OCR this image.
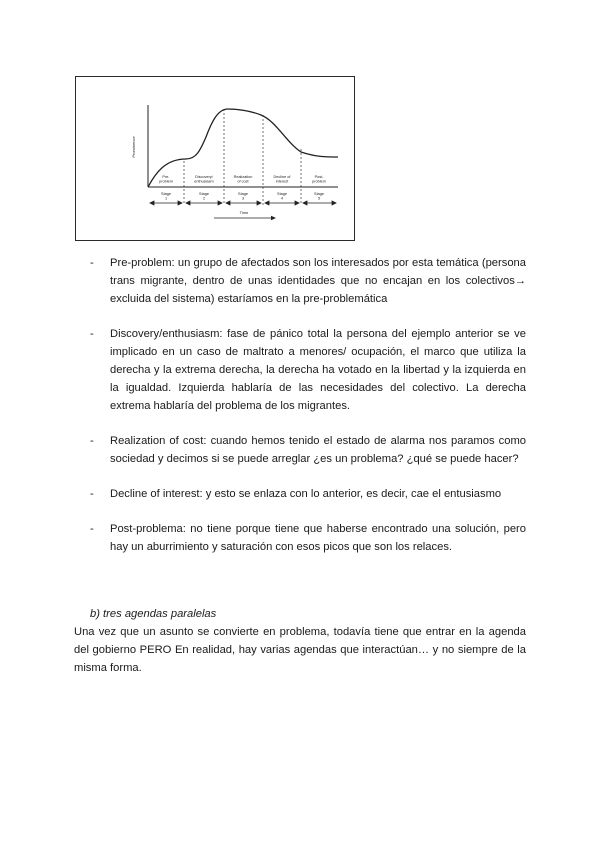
Prominence
Pre-problem
Discovery/ enthusiasm
Realization of cost
Decline of interest
Post-problem
Stage 1
Stage 2
Stage 3
Stage 4
Stage 5
Time
- Pre-problem: un grupo de afectados son los interesados por esta temática (persona trans migrante, dentro de unas identidades que no encajan en los colectivos→ excluida del sistema) estaríamos en la pre-problemática
- Discovery/enthusiasm: fase de pánico total la persona del ejemplo anterior se ve implicado en un caso de maltrato a menores/ ocupación, el marco que utiliza la derecha y la extrema derecha, la derecha ha votado en la libertad y la izquierda en la igualdad. Izquierda hablaría de las necesidades del colectivo. La derecha extrema hablaría del problema de los migrantes.
- Realization of cost: cuando hemos tenido el estado de alarma nos paramos como sociedad y decimos si se puede arreglar ¿es un problema? ¿qué se puede hacer?
- Decline of interest: y esto se enlaza con lo anterior, es decir, cae el entusiasmo
- Post-problema: no tiene porque tiene que haberse encontrado una solución, pero hay un aburrimiento y saturación con esos picos que son los relaces.
b) tres agendas paralelas
Una vez que un asunto se convierte en problema, todavía tiene que entrar en la agenda del gobierno PERO En realidad, hay varias agendas que interactúan… y no siempre de la misma forma.
